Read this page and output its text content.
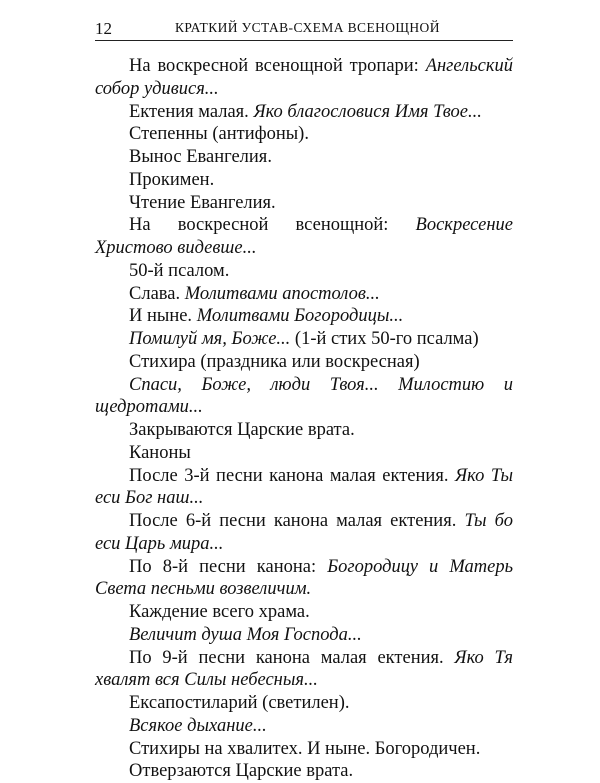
12	КРАТКИЙ УСТАВ-СХЕМА ВСЕНОЩНОЙ

На воскресной всенощной тропари: Ангельский собор удивися...

Ектения малая. Яко благословися Имя Твое...

Степенны (антифоны).

Вынос Евангелия.

Прокимен.

Чтение Евангелия.

На воскресной всенощной: Воскресение Христово видевше...

50-й псалом.

Слава. Молитвами апостолов...

И ныне. Молитвами Богородицы...

Помилуй мя, Боже... (1-й стих 50-го псалма)

Стихира (праздника или воскресная)

Спаси, Боже, люди Твоя... Милостию и щедротами...

Закрываются Царские врата.

Каноны

После 3-й песни канона малая ектения. Яко Ты еси Бог наш...

После 6-й песни канона малая ектения. Ты бо еси Царь мира...

По 8-й песни канона: Богородицу и Матерь Света песньми возвеличим.

Каждение всего храма.

Величит душа Моя Господа...

По 9-й песни канона малая ектения. Яко Тя хвалят вся Силы небесныя...

Ексапостиларий (светилен).

Всякое дыхание...

Стихиры на хвалитех. И ныне. Богородичен.

Отверзаются Царские врата.
